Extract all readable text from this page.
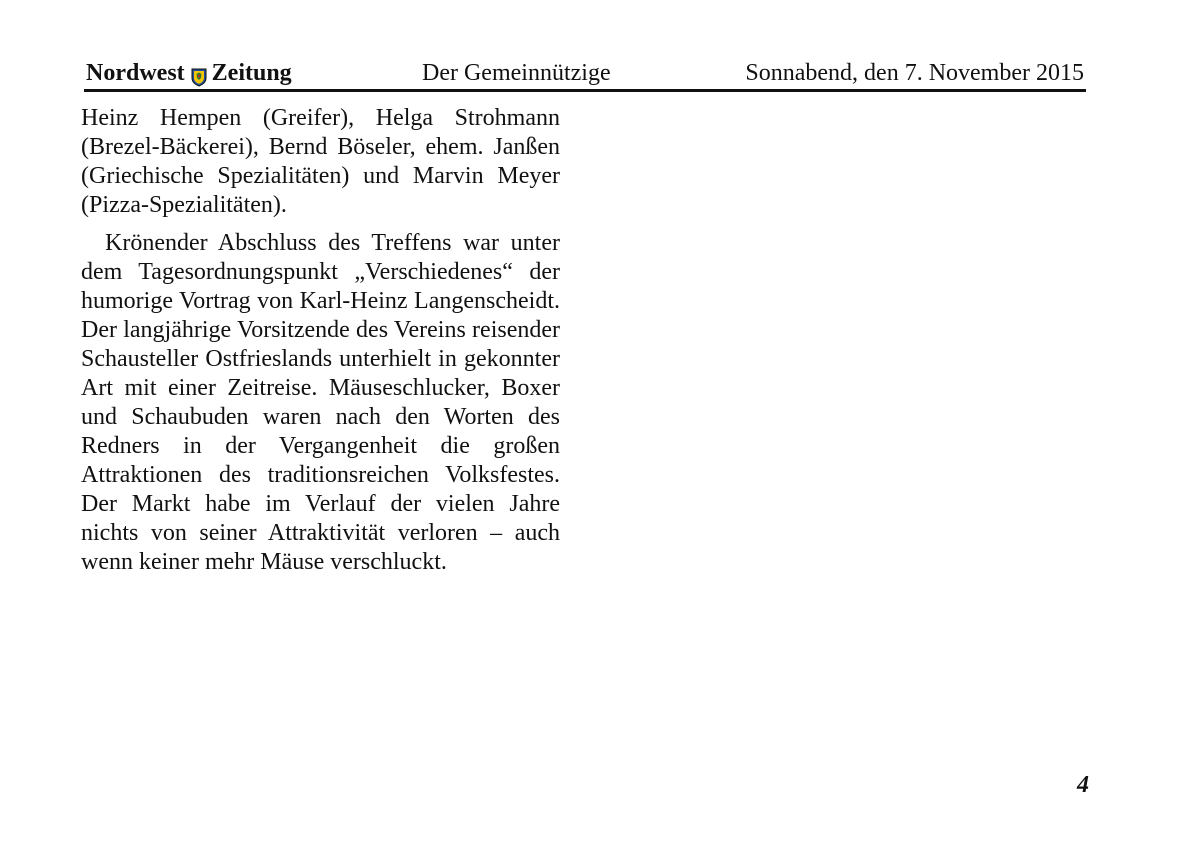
Nordwest Zeitung	Der Gemeinnützige	Sonnabend, den 7. November 2015

Heinz Hempen (Greifer), Helga Strohmann (Brezel-Bäckerei), Bernd Böseler, ehem. Janßen (Griechische Spezialitäten) und Marvin Meyer (Pizza-Spezialitäten).

Krönender Abschluss des Treffens war unter dem Tagesordnungspunkt „Verschiedenes“ der humorige Vortrag von Karl-Heinz Langenscheidt. Der langjährige Vorsitzende des Vereins reisender Schausteller Ostfrieslands unterhielt in gekonnter Art mit einer Zeitreise. Mäuseschlucker, Boxer und Schaubuden waren nach den Worten des Redners in der Vergangenheit die großen Attraktionen des traditionsreichen Volksfestes. Der Markt habe im Verlauf der vielen Jahre nichts von seiner Attraktivität verloren – auch wenn keiner mehr Mäuse verschluckt.

4
